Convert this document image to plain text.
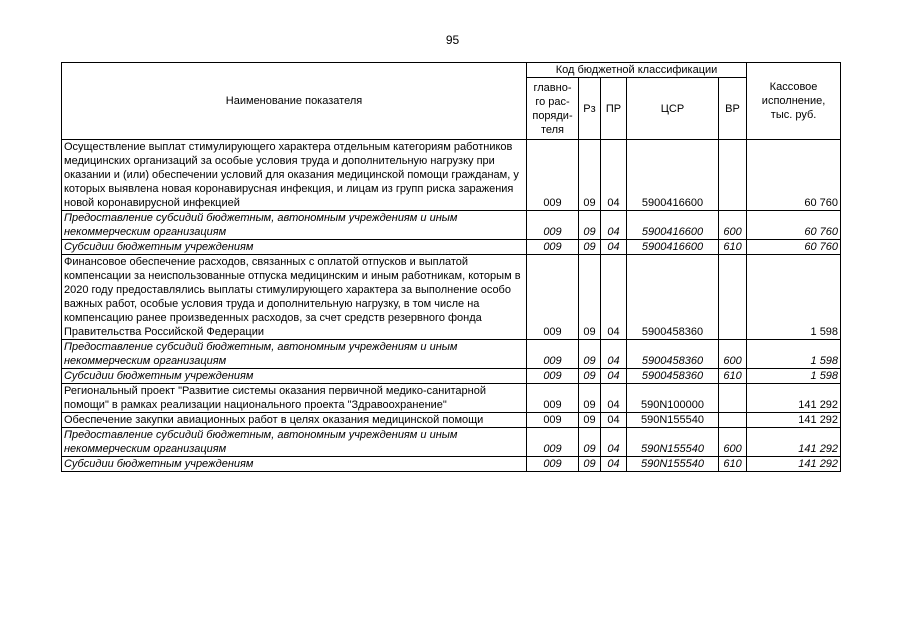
95
Наименование показателя	Код бюджетной классификации					Кассовое
исполнение,
тыс. руб.
	главно-
го рас-
поряди-
теля	Рз	ПР	ЦСР	ВР	
Осуществление выплат стимулирующего характера отдельным категориям работников медицинских организаций за особые условия труда и дополнительную нагрузку при оказании и (или) обеспечении условий для оказания медицинской помощи гражданам, у которых выявлена новая коронавирусная инфекция, и лицам из групп риска заражения новой коронавирусной инфекцией	009	09	04	5900416600		60 760
Предоставление субсидий бюджетным, автономным учреждениям и иным некоммерческим организациям	009	09	04	5900416600	600	60 760
Субсидии бюджетным учреждениям	009	09	04	5900416600	610	60 760
Финансовое обеспечение расходов, связанных с оплатой отпусков и выплатой компенсации за неиспользованные отпуска медицинским и иным работникам, которым в 2020 году предоставлялись выплаты стимулирующего характера за выполнение особо важных работ, особые условия труда и дополнительную нагрузку, в том числе на компенсацию ранее произведенных расходов, за счет средств резервного фонда Правительства Российской Федерации	009	09	04	5900458360		1 598
Предоставление субсидий бюджетным, автономным учреждениям и иным некоммерческим организациям	009	09	04	5900458360	600	1 598
Субсидии бюджетным учреждениям	009	09	04	5900458360	610	1 598
Региональный проект "Развитие системы оказания первичной медико-санитарной помощи" в рамках реализации национального проекта "Здравоохранение"	009	09	04	590N100000		141 292
Обеспечение закупки авиационных работ в целях оказания медицинской помощи	009	09	04	590N155540		141 292
Предоставление субсидий бюджетным, автономным учреждениям и иным некоммерческим организациям	009	09	04	590N155540	600	141 292
Субсидии бюджетным учреждениям	009	09	04	590N155540	610	141 292
